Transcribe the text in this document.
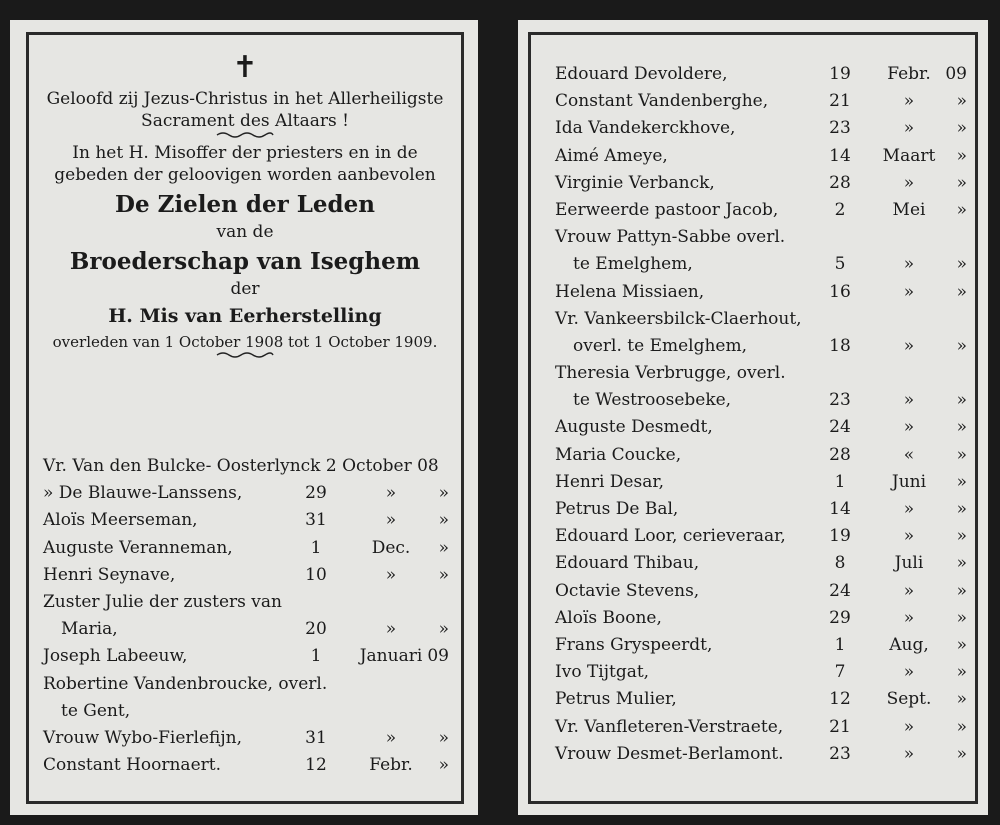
✝
Geloofd zij Jezus-Christus in het Allerheiligste
Sacrament des Altaars !
In het H. Misoffer der priesters en in de
gebeden der geloovigen worden aanbevolen
De Zielen der Leden
van de
Broederschap van Iseghem
der
H. Mis van Eerherstelling
overleden van 1 October 1908 tot 1 October 1909.
Vr. Van den Bulcke- Oosterlynck 2 October 08
» De Blauwe-Lanssens,	29	»	»
Aloïs Meerseman,	31	»	»
Auguste Veranneman,	1	Dec.	»
Henri Seynave,	10	»	»
Zuster Julie der zusters van
Maria,	20	»	»
Joseph Labeeuw,	1	Januari 09
Robertine Vandenbroucke, overl.
te Gent,
Vrouw Wybo-Fierlefijn,	31	»	»
Constant Hoornaert.	12	Febr.	»
Edouard Devoldere,	19	Febr. 09
Constant Vandenberghe,	21	»	»
Ida Vandekerckhove,	23	»	»
Aimé Ameye,	14	Maart	»
Virginie Verbanck,	28	»	»
Eerweerde pastoor Jacob,	2	Mei	»
Vrouw Pattyn-Sabbe overl.
te Emelghem,	5	»	»
Helena Missiaen,	16	»	»
Vr. Vankeersbilck-Claerhout,
overl. te Emelghem,	18	»	»
Theresia Verbrugge, overl.
te Westroosebeke,	23	»	»
Auguste Desmedt,	24	»	»
Maria Coucke,	28	«	»
Henri Desar,	1	Juni	»
Petrus De Bal,	14	»	»
Edouard Loor, cerieveraar,	19	»	»
Edouard Thibau,	8	Juli	»
Octavie Stevens,	24	»	»
Aloïs Boone,	29	»	»
Frans Gryspeerdt,	1	Aug,	»
Ivo Tijtgat,	7	»	»
Petrus Mulier,	12	Sept.	»
Vr. Vanfleteren-Verstraete,	21	»	»
Vrouw Desmet-Berlamont.	23	»	»
